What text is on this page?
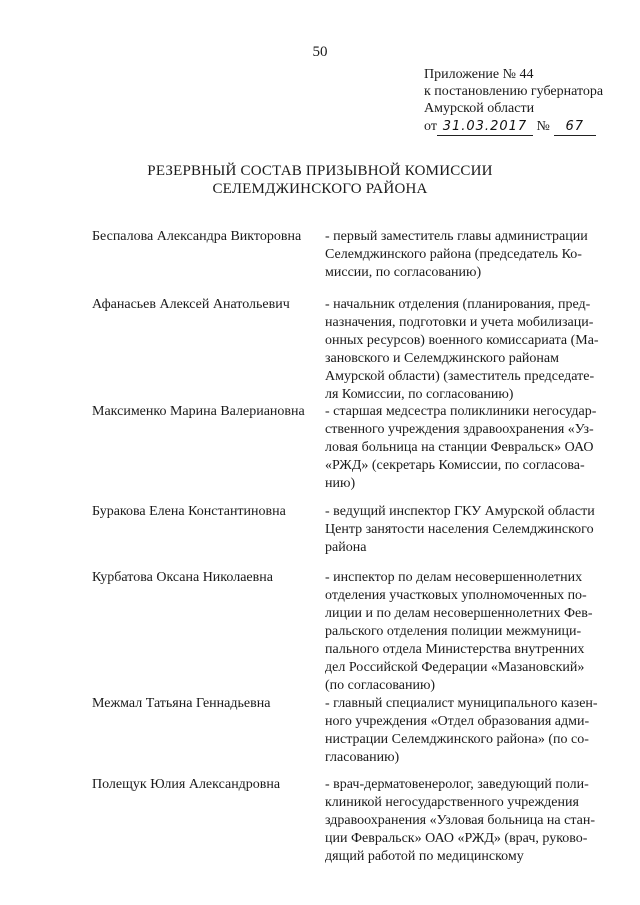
50
Приложение № 44
к постановлению губернатора
Амурской области
от 31.03.2017 № 67
РЕЗЕРВНЫЙ СОСТАВ ПРИЗЫВНОЙ КОМИССИИ
СЕЛЕМДЖИНСКОГО РАЙОНА
Беспалова Александра Викторовна	- первый заместитель главы администрации
Селемджинского района (председатель Ко-
миссии, по согласованию)
Афанасьев Алексей Анатольевич	- начальник отделения (планирования, пред-
назначения, подготовки и учета мобилизаци-
онных ресурсов) военного комиссариата (Ма-
зановского и Селемджинского районам
Амурской области) (заместитель председате-
ля Комиссии, по согласованию)
Максименко Марина Валериановна	- старшая медсестра поликлиники негосудар-
ственного учреждения здравоохранения «Уз-
ловая больница на станции Февральск» ОАО
«РЖД» (секретарь Комиссии, по согласова-
нию)
Буракова Елена Константиновна	- ведущий инспектор ГКУ Амурской области
Центр занятости населения Селемджинского
района
Курбатова Оксана Николаевна	- инспектор по делам несовершеннолетних
отделения участковых уполномоченных по-
лиции и по делам несовершеннолетних Фев-
ральского отделения полиции межмуници-
пального отдела Министерства внутренних
дел Российской Федерации «Мазановский»
(по согласованию)
Межмал Татьяна Геннадьевна	- главный специалист муниципального казен-
ного учреждения «Отдел образования адми-
нистрации Селемджинского района» (по со-
гласованию)
Полещук Юлия Александровна	- врач-дерматовенеролог, заведующий поли-
клиникой негосударственного учреждения
здравоохранения «Узловая больница на стан-
ции Февральск» ОАО «РЖД» (врач, руково-
дящий работой по медицинскому
